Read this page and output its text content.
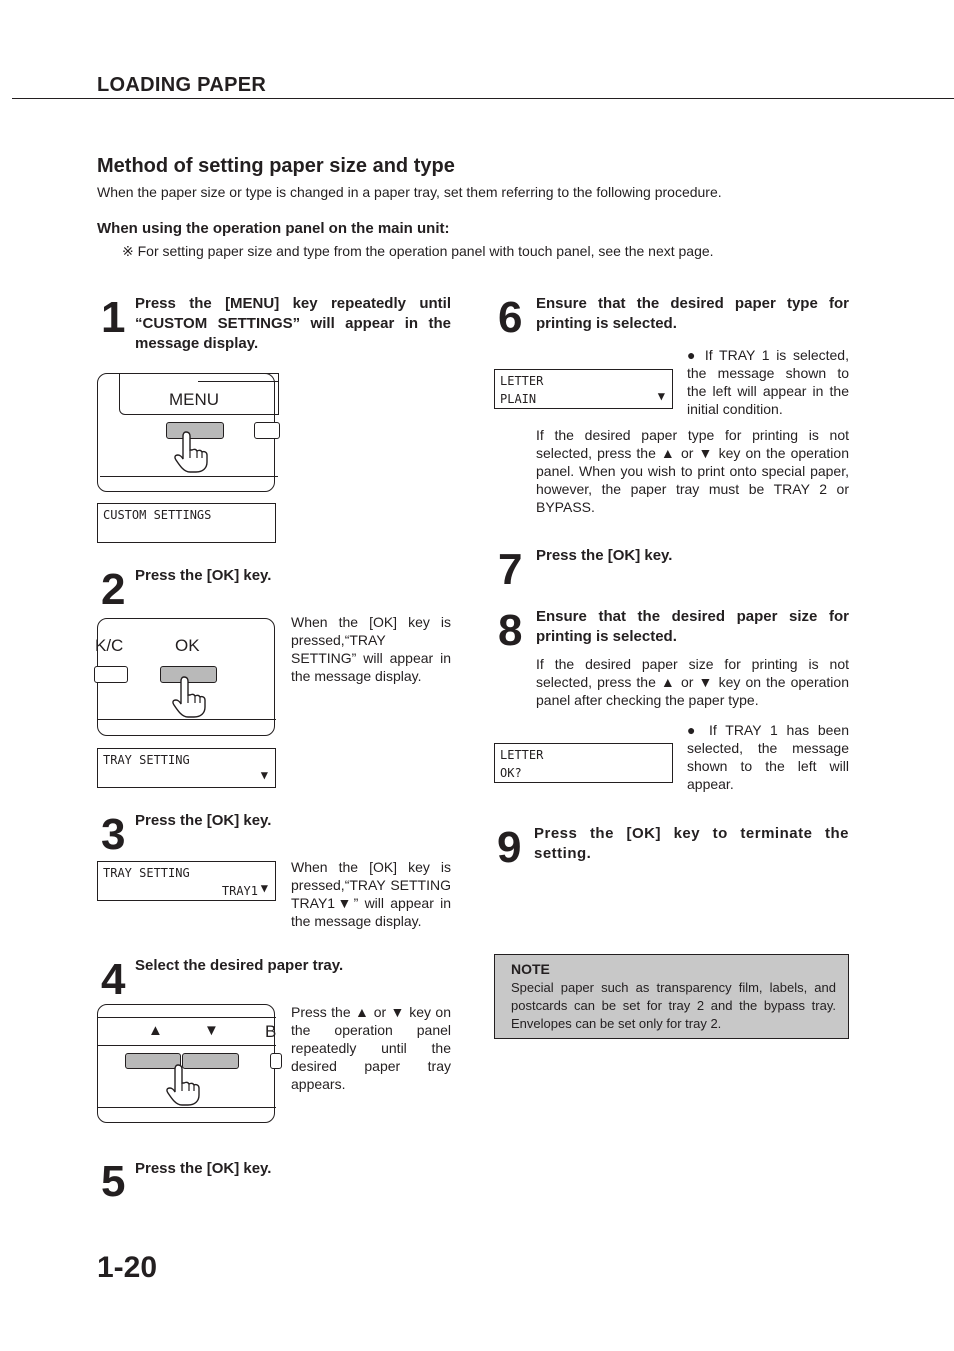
LOADING PAPER
Method of setting paper size and type
When the paper size or type is changed in a paper tray, set them referring to the following procedure.
When using the operation panel on the main unit:
※ For setting paper size and type from the operation panel with touch panel, see the next page.
1 Press the [MENU] key repeatedly until “CUSTOM SETTINGS” will appear in the message display.
MENU
CUSTOM SETTINGS
2 Press the [OK] key.
K/C	OK
When the [OK] key is pressed,“TRAY SETTING” will appear in the message display.
TRAY SETTING
▼
3 Press the [OK] key.
TRAY SETTING
TRAY1 ▼
When the [OK] key is pressed,“TRAY SETTING TRAY1▼” will appear in the message display.
4 Select the desired paper tray.
▲	▼	B
Press the ▲ or ▼ key on the operation panel repeatedly until the desired paper tray appears.
5 Press the [OK] key.
6 Ensure that the desired paper type for printing is selected.
LETTER
PLAIN	▼
● If TRAY 1 is selected, the message shown to the left will appear in the initial condition.
If the desired paper type for printing is not selected, press the ▲ or ▼ key on the operation panel. When you wish to print onto special paper, however, the paper tray must be TRAY 2 or BYPASS.
7 Press the [OK] key.
8 Ensure that the desired paper size for printing is selected.
If the desired paper size for printing is not selected, press the ▲ or ▼ key on the operation panel after checking the paper type.
LETTER
OK?
● If TRAY 1 has been selected, the message shown to the left will appear.
9 Press the [OK] key to terminate the setting.
NOTE
Special paper such as transparency film, labels, and postcards can be set for tray 2 and the bypass tray. Envelopes can be set only for tray 2.
1-20
